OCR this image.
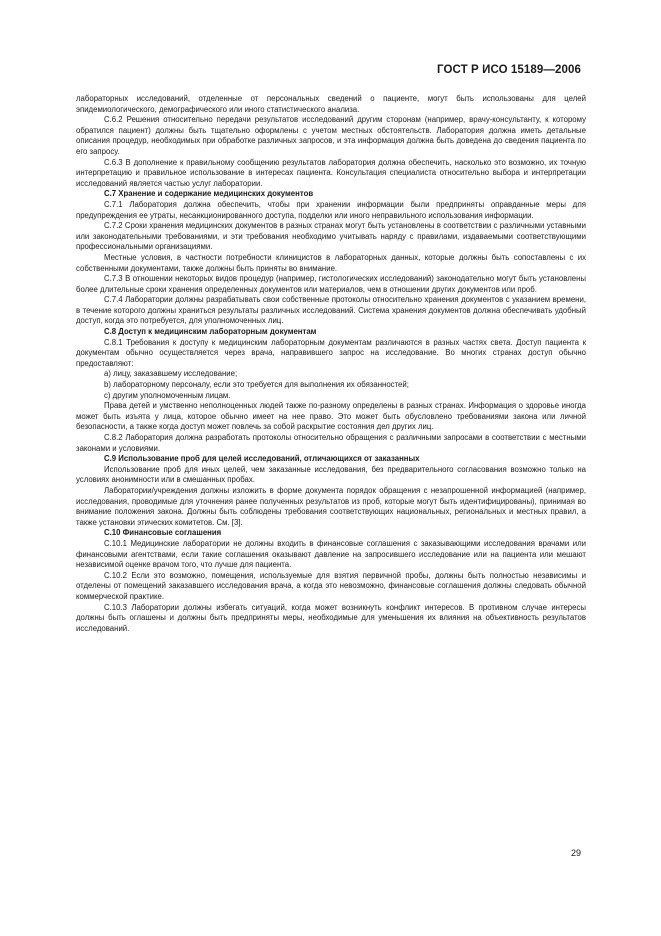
ГОСТ Р ИСО 15189—2006

лабораторных исследований, отделенные от персональных сведений о пациенте, могут быть использованы для целей эпидемиологического, демографического или иного статистического анализа.

C.6.2 Решения относительно передачи результатов исследований другим сторонам (например, врачу-консультанту, к которому обратился пациент) должны быть тщательно оформлены с учетом местных обстоятельств. Лаборатория должна иметь детальные описания процедур, необходимых при обработке различных запросов, и эта информация должна быть доведена до сведения пациента по его запросу.

C.6.3 В дополнение к правильному сообщению результатов лаборатория должна обеспечить, насколько это возможно, их точную интерпретацию и правильное использование в интересах пациента. Консультация специалиста относительно выбора и интерпретации исследований является частью услуг лаборатории.

C.7 Хранение и содержание медицинских документов

C.7.1 Лаборатория должна обеспечить, чтобы при хранении информации были предприняты оправданные меры для предупреждения ее утраты, несанкционированного доступа, подделки или иного неправильного использования информации.

C.7.2 Сроки хранения медицинских документов в разных странах могут быть установлены в соответствии с различными уставными или законодательными требованиями, и эти требования необходимо учитывать наряду с правилами, издаваемыми соответствующими профессиональными организациями.

Местные условия, в частности потребности клиницистов в лабораторных данных, которые должны быть сопоставлены с их собственными документами, также должны быть приняты во внимание.

C.7.3 В отношении некоторых видов процедур (например, гистологических исследований) законодательно могут быть установлены более длительные сроки хранения определенных документов или материалов, чем в отношении других документов или проб.

C.7.4 Лаборатории должны разрабатывать свои собственные протоколы относительно хранения документов с указанием времени, в течение которого должны храниться результаты различных исследований. Система хранения документов должна обеспечивать удобный доступ, когда это потребуется, для уполномоченных лиц.

C.8 Доступ к медицинским лабораторным документам

C.8.1 Требования к доступу к медицинским лабораторным документам различаются в разных частях света. Доступ пациента к документам обычно осуществляется через врача, направившего запрос на исследование. Во многих странах доступ обычно предоставляют:

a) лицу, заказавшему исследование;

b) лабораторному персоналу, если это требуется для выполнения их обязанностей;

c) другим уполномоченным лицам.

Права детей и умственно неполноценных людей также по-разному определены в разных странах. Информация о здоровье иногда может быть изъята у лица, которое обычно имеет на нее право. Это может быть обусловлено требованиями закона или личной безопасности, а также когда доступ может повлечь за собой раскрытие состояния дел других лиц.

C.8.2 Лаборатория должна разработать протоколы относительно обращения с различными запросами в соответствии с местными законами и условиями.

C.9 Использование проб для целей исследований, отличающихся от заказанных

Использование проб для иных целей, чем заказанные исследования, без предварительного согласования возможно только на условиях анонимности или в смешанных пробах.

Лаборатории/учреждения должны изложить в форме документа порядок обращения с незапрошенной информацией (например, исследования, проводимые для уточнения ранее полученных результатов из проб, которые могут быть идентифицированы), принимая во внимание положения закона. Должны быть соблюдены требования соответствующих национальных, региональных и местных правил, а также установки этических комитетов. См. [3].

C.10 Финансовые соглашения

C.10.1 Медицинские лаборатории не должны входить в финансовые соглашения с заказывающими исследования врачами или финансовыми агентствами, если такие соглашения оказывают давление на запросившего исследование или на пациента или мешают независимой оценке врачом того, что лучше для пациента.

C.10.2 Если это возможно, помещения, используемые для взятия первичной пробы, должны быть полностью независимы и отделены от помещений заказавшего исследования врача, а когда это невозможно, финансовые соглашения должны следовать обычной коммерческой практике.

C.10.3 Лаборатории должны избегать ситуаций, когда может возникнуть конфликт интересов. В противном случае интересы должны быть оглашены и должны быть предприняты меры, необходимые для уменьшения их влияния на объективность результатов исследований.

29
